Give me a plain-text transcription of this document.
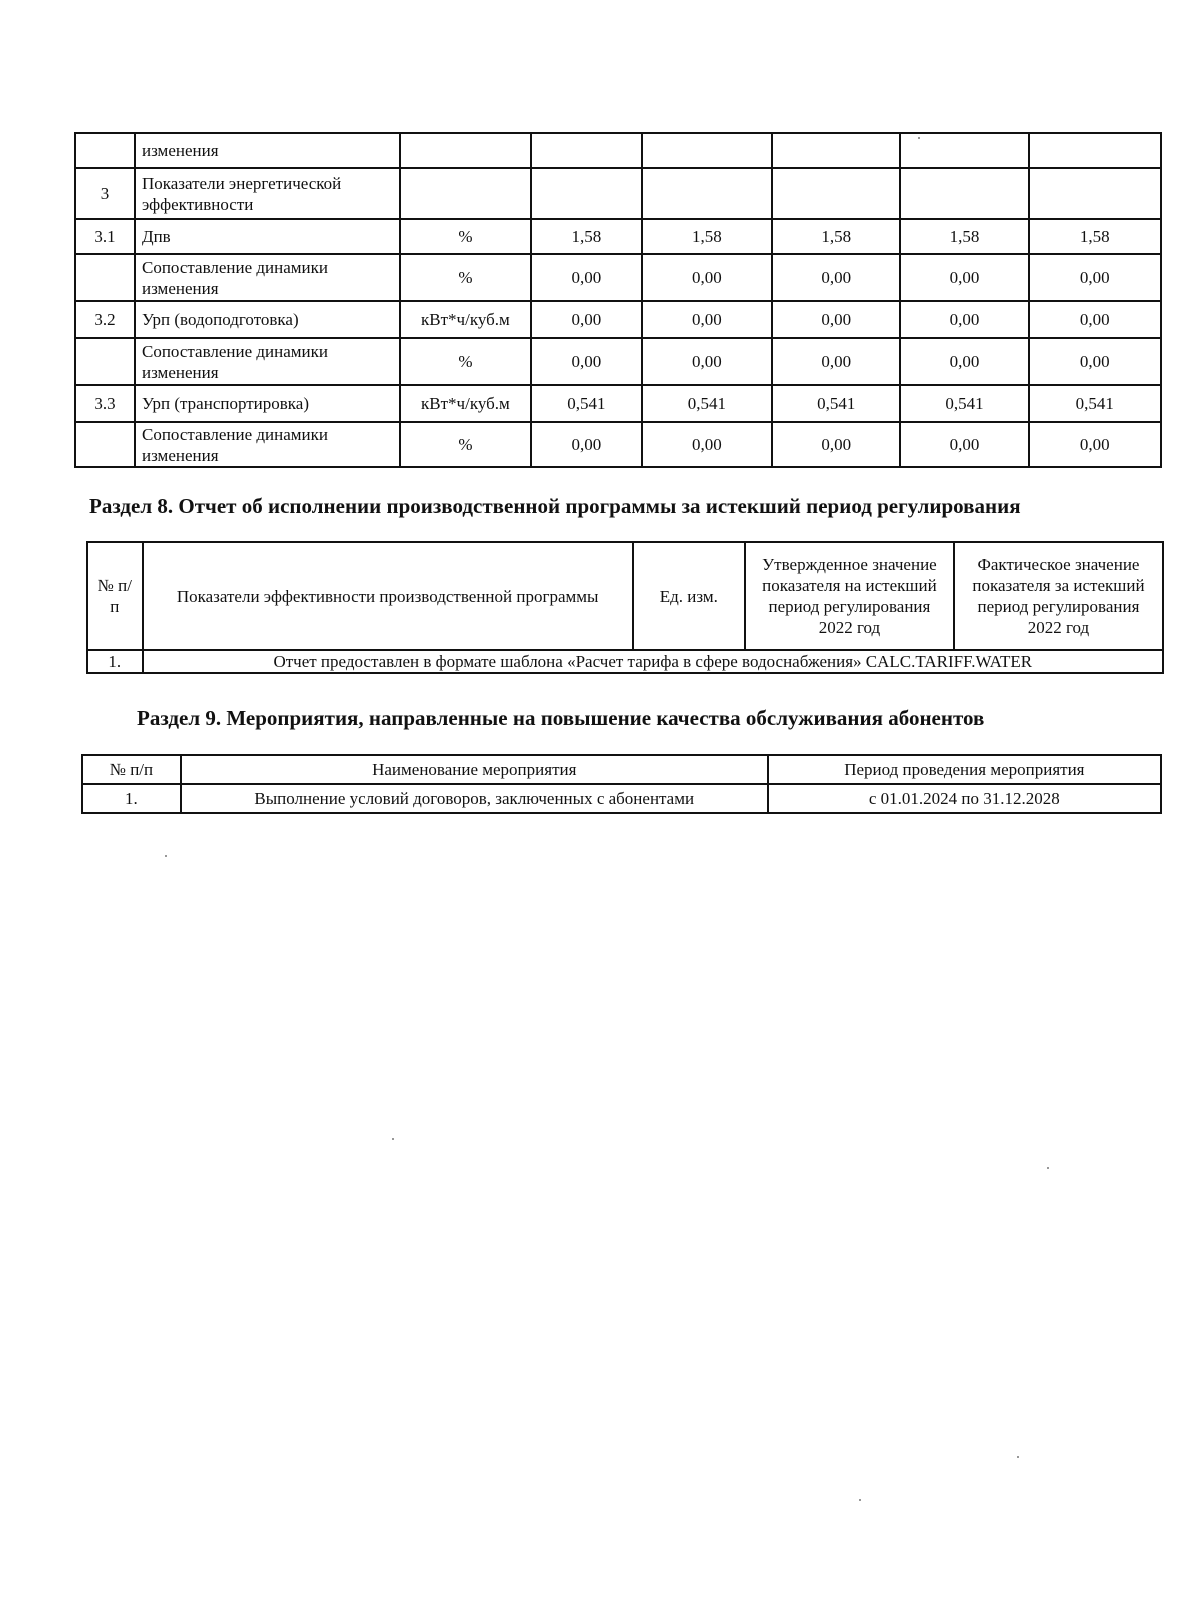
	изменения						
3	Показатели энергетической эффективности						
3.1	Дпв	%	1,58	1,58	1,58	1,58	1,58
	Сопоставление динамики изменения	%	0,00	0,00	0,00	0,00	0,00
3.2	Урп (водоподготовка)	кВт*ч/куб.м	0,00	0,00	0,00	0,00	0,00
	Сопоставление динамики изменения	%	0,00	0,00	0,00	0,00	0,00
3.3	Урп (транспортировка)	кВт*ч/куб.м	0,541	0,541	0,541	0,541	0,541
	Сопоставление динамики изменения	%	0,00	0,00	0,00	0,00	0,00
Раздел 8. Отчет об исполнении производственной программы за истекший период регулирования
№ п/п	Показатели эффективности производственной программы	Ед. изм.	Утвержденное значение показателя на истекший период регулирования 2022 год	Фактическое значение показателя за истекший период регулирования 2022 год
1.	Отчет предоставлен в формате шаблона «Расчет тарифа в сфере водоснабжения» CALC.TARIFF.WATER			
Раздел 9. Мероприятия, направленные на повышение качества обслуживания абонентов
№ п/п	Наименование мероприятия	Период проведения мероприятия
1.	Выполнение условий договоров, заключенных с абонентами	с 01.01.2024 по 31.12.2028
